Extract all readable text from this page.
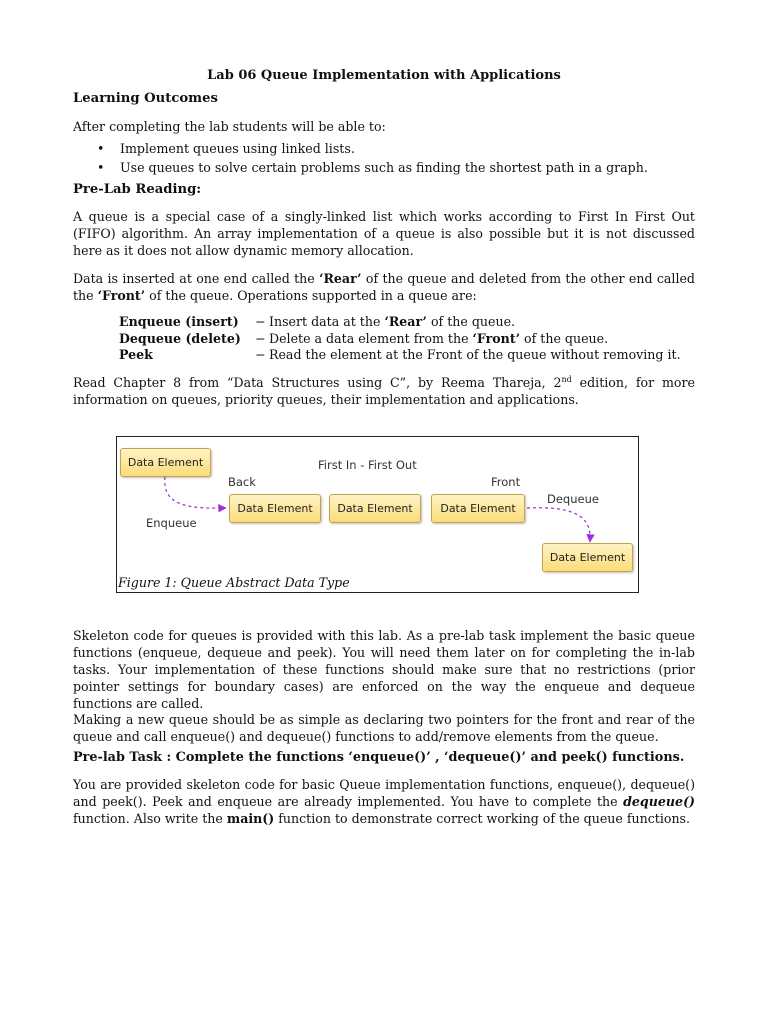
Lab 06 Queue Implementation with Applications
Learning Outcomes
After completing the lab students will be able to:
• Implement queues using linked lists.
• Use queues to solve certain problems such as finding the shortest path in a graph.
Pre-Lab Reading:
A queue is a special case of a singly-linked list which works according to First In First Out (FIFO) algorithm. An array implementation of a queue is also possible but it is not discussed here as it does not allow dynamic memory allocation.
Data is inserted at one end called the ‘Rear’ of the queue and deleted from the other end called the ‘Front’ of the queue. Operations supported in a queue are:
Enqueue (insert)	− Insert data at the ‘Rear’ of the queue.
Dequeue (delete)	− Delete a data element from the ‘Front’ of the queue.
Peek	− Read the element at the Front of the queue without removing it.
Read Chapter 8 from “Data Structures using C”, by Reema Thareja, 2nd edition, for more information on queues, priority queues, their implementation and applications.
Skeleton code for queues is provided with this lab. As a pre-lab task implement the basic queue functions (enqueue, dequeue and peek). You will need them later on for completing the in-lab tasks. Your implementation of these functions should make sure that no restrictions (prior pointer settings for boundary cases) are enforced on the way the enqueue and dequeue functions are called.
Making a new queue should be as simple as declaring two pointers for the front and rear of the queue and call enqueue() and dequeue() functions to add/remove elements from the queue.
Pre-lab Task : Complete the functions ‘enqueue()’ , ‘dequeue()’ and peek() functions.
You are provided skeleton code for basic Queue implementation functions, enqueue(), dequeue() and peek(). Peek and enqueue are already implemented. You have to complete the dequeue() function. Also write the main() function to demonstrate correct working of the queue functions.
Data Element
Data Element	Data Element	Data Element
Data Element
First In - First Out
Back	Front
Enqueue
Dequeue
Figure 1: Queue Abstract Data Type
